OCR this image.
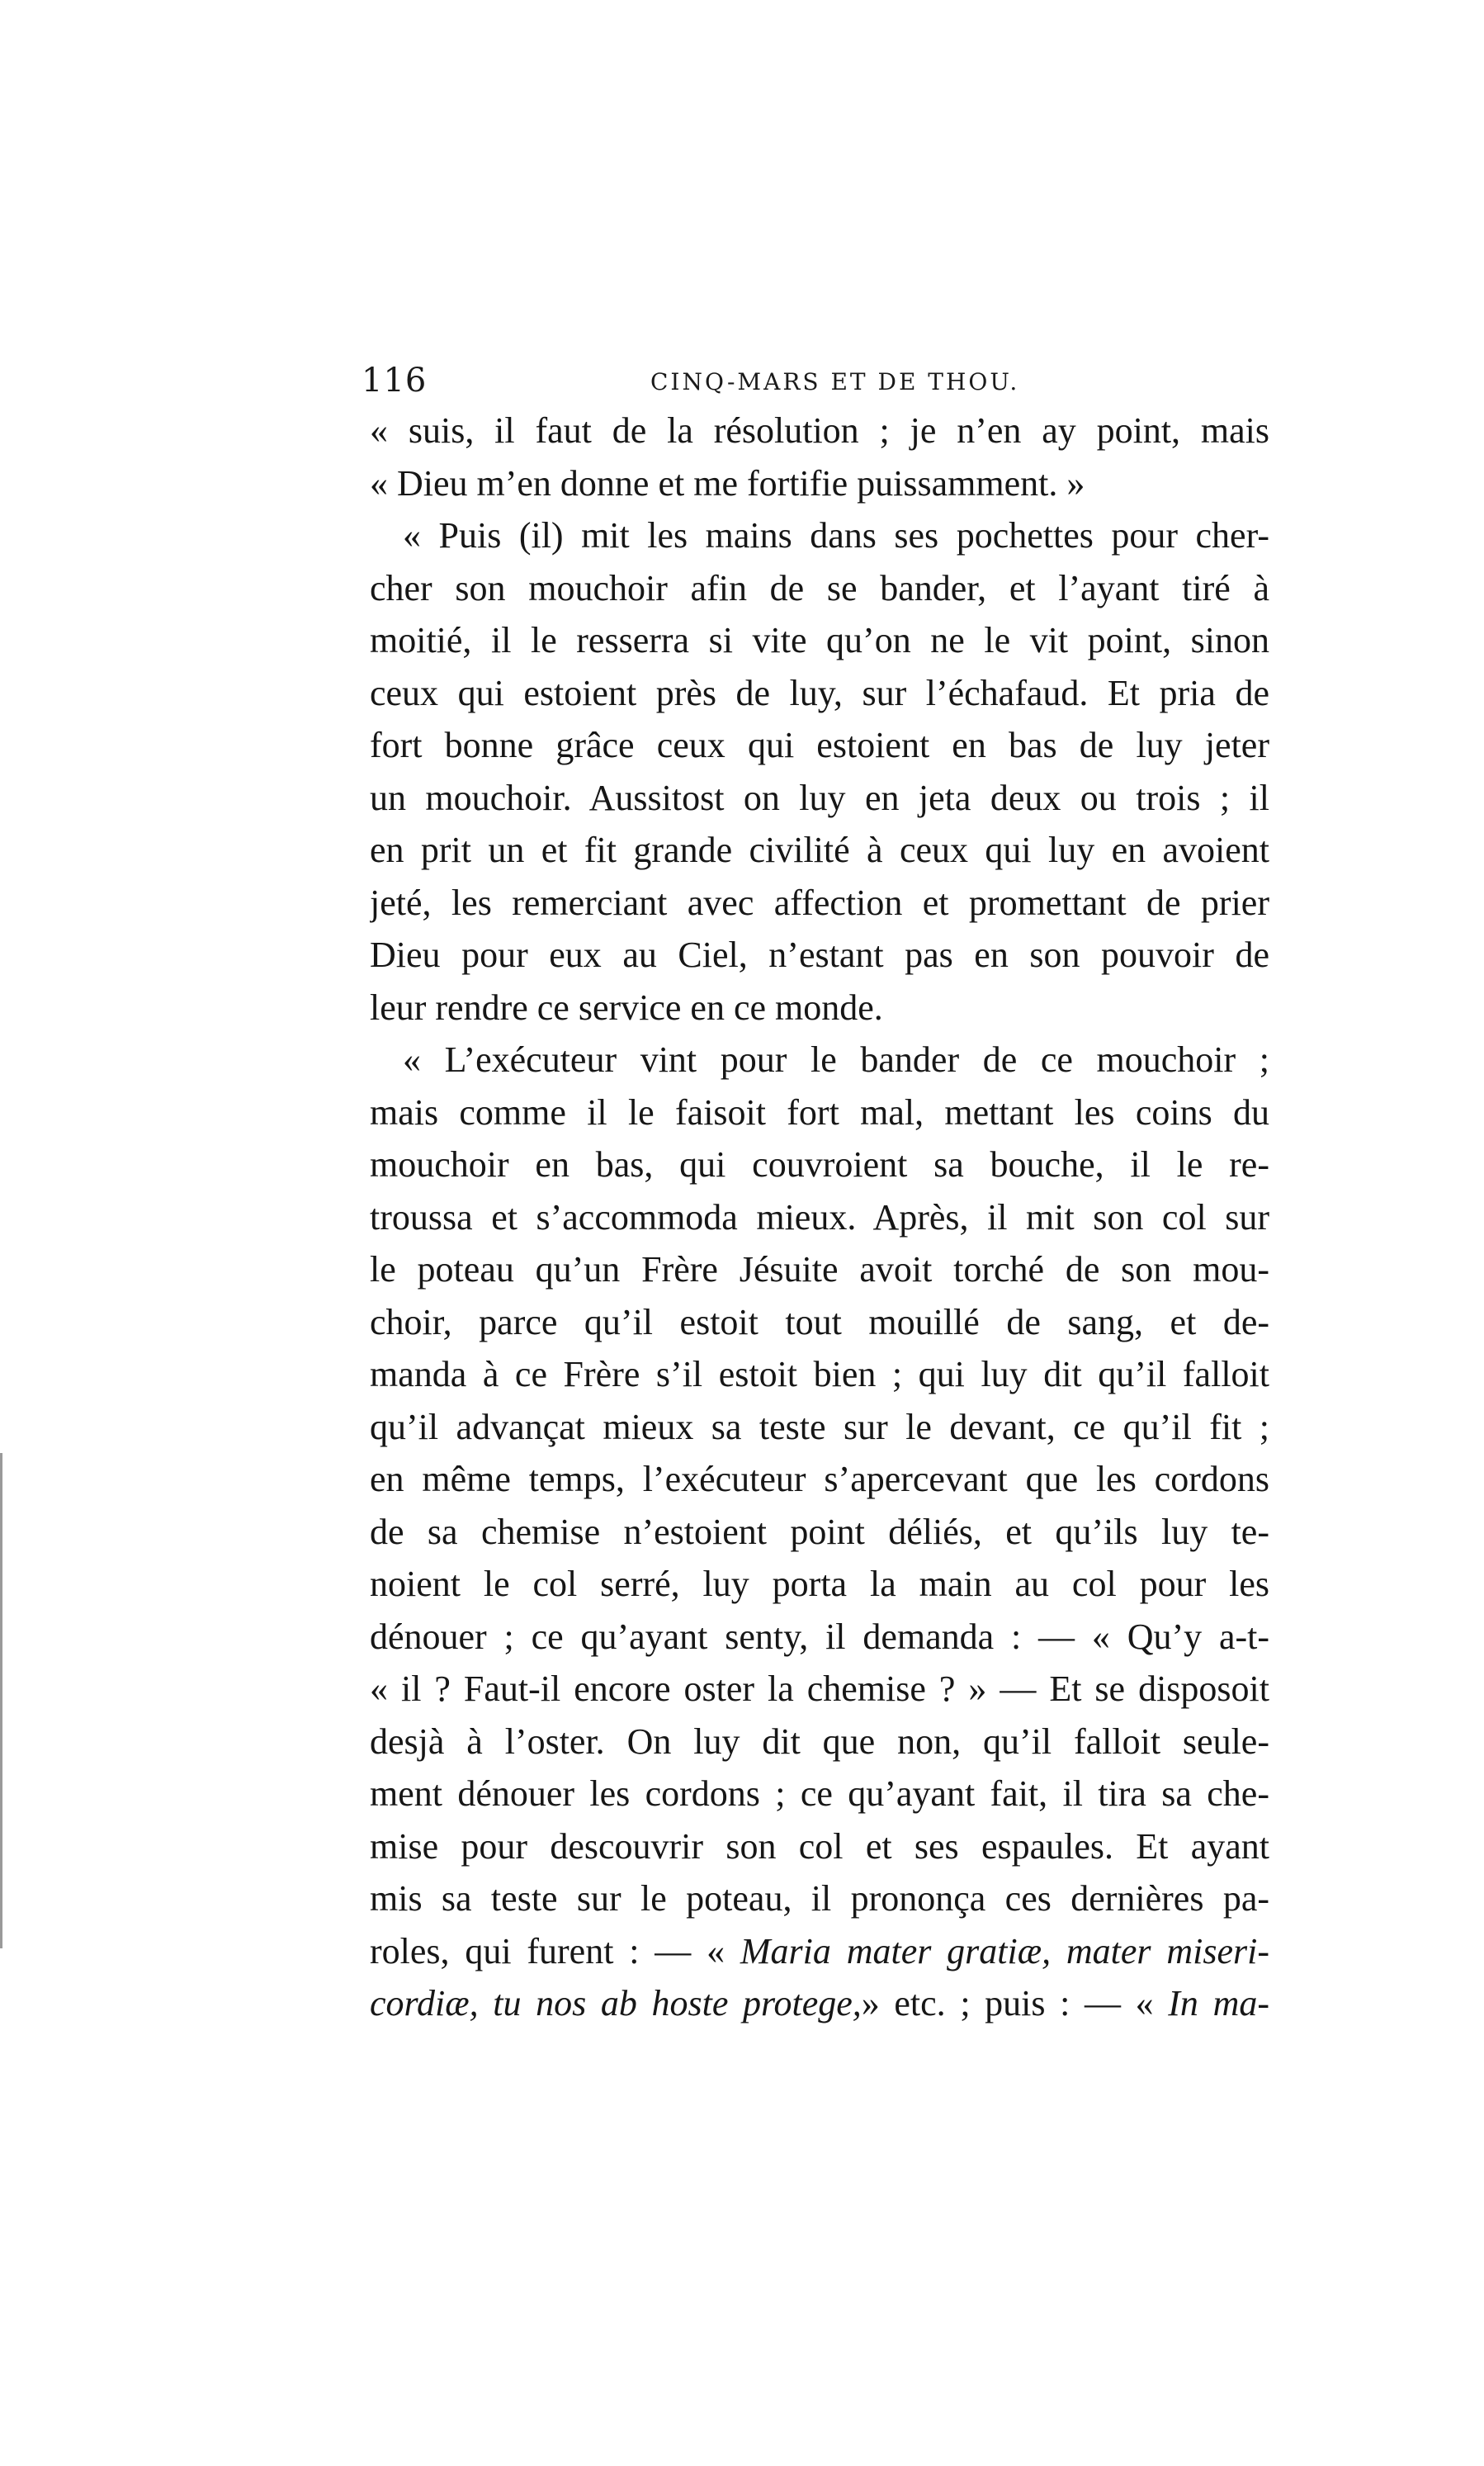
116	CINQ-MARS ET DE THOU.
« suis, il faut de la résolution ; je n’en ay point, mais
« Dieu m’en donne et me fortifie puissamment. »
« Puis (il) mit les mains dans ses pochettes pour cher-
cher son mouchoir afin de se bander, et l’ayant tiré à
moitié, il le resserra si vite qu’on ne le vit point, sinon
ceux qui estoient près de luy, sur l’échafaud. Et pria de
fort bonne grâce ceux qui estoient en bas de luy jeter
un mouchoir. Aussitost on luy en jeta deux ou trois ; il
en prit un et fit grande civilité à ceux qui luy en avoient
jeté, les remerciant avec affection et promettant de prier
Dieu pour eux au Ciel, n’estant pas en son pouvoir de
leur rendre ce service en ce monde.
« L’exécuteur vint pour le bander de ce mouchoir ;
mais comme il le faisoit fort mal, mettant les coins du
mouchoir en bas, qui couvroient sa bouche, il le re-
troussa et s’accommoda mieux. Après, il mit son col sur
le poteau qu’un Frère Jésuite avoit torché de son mou-
choir, parce qu’il estoit tout mouillé de sang, et de-
manda à ce Frère s’il estoit bien ; qui luy dit qu’il falloit
qu’il advançat mieux sa teste sur le devant, ce qu’il fit ;
en même temps, l’exécuteur s’apercevant que les cordons
de sa chemise n’estoient point déliés, et qu’ils luy te-
noient le col serré, luy porta la main au col pour les
dénouer ; ce qu’ayant senty, il demanda : — « Qu’y a-t-
« il ? Faut-il encore oster la chemise ? » — Et se disposoit
desjà à l’oster. On luy dit que non, qu’il falloit seule-
ment dénouer les cordons ; ce qu’ayant fait, il tira sa che-
mise pour descouvrir son col et ses espaules. Et ayant
mis sa teste sur le poteau, il prononça ces dernières pa-
roles, qui furent : — « Maria mater gratiæ, mater miseri-
cordiæ, tu nos ab hoste protege,» etc. ; puis : — « In ma-
